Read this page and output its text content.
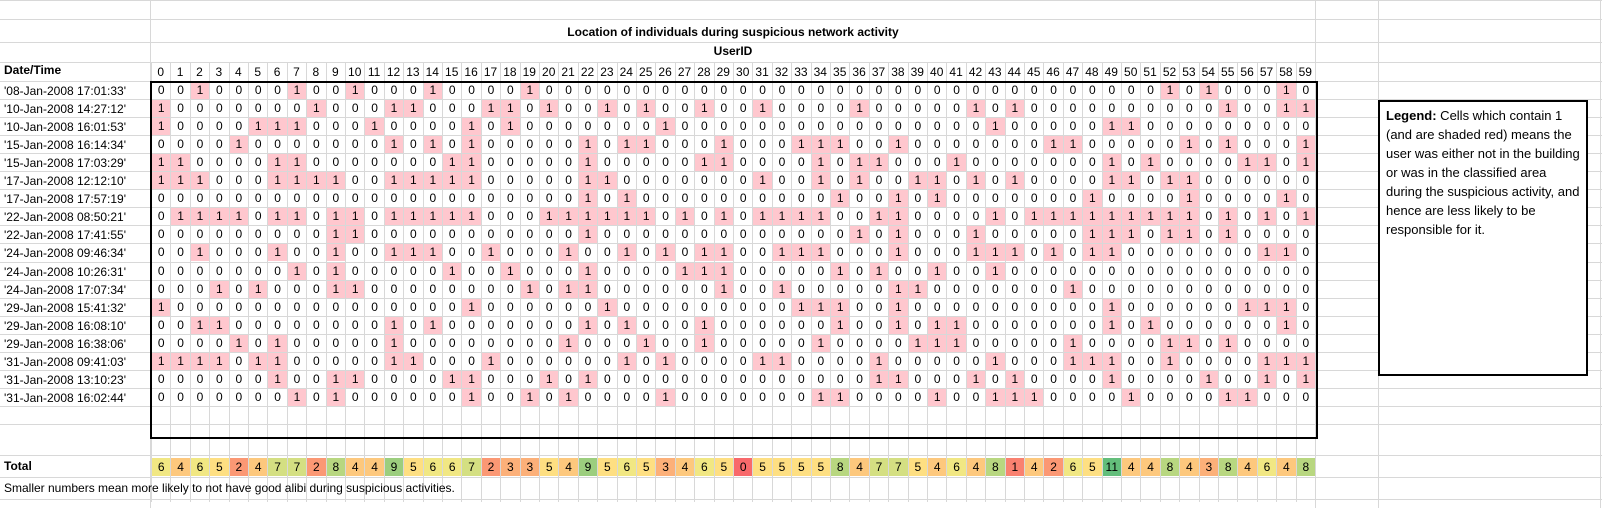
Location of individuals during suspicious network activity
UserID
Date/Time	0	1	2	3	4	5	6	7	8	9 10 11 12 13 14 15 16 17 18 19 20 21 22 23 24 25 26 27 28 29 30 31 32 33 34 35 36 37 38 39 40 41 42 43 44 45 46 47 48 49 50 51 52 53 54 55 56 57 58 59
'08-Jan-2008 17:01:33'	0	0	1	0	0	0	0	1	0	0	1	0	0	0	1	0	0	0	0	1	0	0	0	0	0	0	0	0	0	0	0	0	0	0	0	0	0	0	0	0	0	0	0	0	0	0	0	0	0	0	0	0	1	0	1	0	0	0	1	0
'10-Jan-2008 14:27:12'	1	0	0	0	0	0	0	0	1	0	0	0	1	1	0	0	0	1	1	0	1	0	0	1	0	1	0	0	1	0	0	1	0	0	0	0	1	0	0	0	0	0	1	0	1	0	0	0	0	0	0	0	0	0	0	1	0	0	1	1
'10-Jan-2008 16:01:53'	1	0	0	0	0	1	1	1	0	0	0	1	0	0	0	0	1	0	1	0	0	0	0	0	0	0	1	0	0	0	0	0	0	0	0	0	0	0	0	0	0	0	0	1	0	0	0	0	0	1	1	0	0	0	0	0	0	0	0	0
'15-Jan-2008 16:14:34'	0	0	0	0	1	0	0	0	0	0	0	0	1	0	1	0	1	0	0	0	0	0	1	0	1	1	0	0	0	1	0	0	0	1	1	1	0	0	1	0	0	0	0	0	0	0	1	1	0	0	0	0	0	1	0	1	0	0	0	1
'15-Jan-2008 17:03:29'	1	1	0	0	0	0	1	1	0	0	0	0	0	0	0	1	1	0	0	0	0	0	1	0	0	0	0	0	1	1	0	0	0	0	1	0	1	1	0	0	0	1	0	0	0	0	0	0	0	1	0	1	0	0	0	0	1	1	0	1
'17-Jan-2008 12:12:10'	1	1	1	0	0	0	1	1	1	1	0	0	1	1	1	1	1	0	0	0	0	0	1	1	0	0	0	0	0	0	0	1	0	0	1	0	1	0	0	1	1	0	1	0	1	0	0	0	0	1	1	0	1	1	0	0	0	0	0	0
'17-Jan-2008 17:57:19'	0	0	0	0	0	0	0	0	0	0	0	0	0	0	0	0	0	0	0	0	0	0	1	0	1	0	0	0	0	0	0	0	0	0	0	1	0	0	1	0	1	0	0	0	0	0	0	0	1	0	0	0	0	1	0	0	0	0	1	0
'22-Jan-2008 08:50:21'	0	1	1	1	1	0	1	1	0	1	1	0	1	1	1	1	1	0	0	0	1	1	1	1	1	1	0	1	0	1	0	1	1	1	1	0	0	1	1	0	0	0	0	1	0	1	1	1	1	1	1	1	1	1	0	1	0	1	0	1
'22-Jan-2008 17:41:55'	0	0	0	0	0	0	0	0	0	1	1	0	0	0	0	0	0	0	0	0	0	0	1	0	0	0	0	0	0	0	0	0	0	0	0	0	1	0	1	0	0	0	1	0	0	0	0	0	1	1	1	0	1	1	0	1	0	0	0	0
'24-Jan-2008 09:46:34'	0	0	1	0	0	0	1	0	0	1	0	0	1	1	1	0	0	1	0	0	0	1	0	0	1	0	1	0	1	1	0	0	1	1	1	0	0	0	1	0	0	0	1	1	1	0	1	0	1	1	0	0	0	0	0	0	0	1	1	0
'24-Jan-2008 10:26:31'	0	0	0	0	0	0	0	1	0	1	0	0	0	0	0	1	0	0	1	0	0	0	1	0	0	0	0	1	1	1	0	0	0	0	0	1	0	1	0	0	1	0	0	1	0	0	0	0	0	0	0	0	0	0	0	0	0	0	0	0
'24-Jan-2008 17:07:34'	0	0	0	1	0	1	0	0	0	1	1	0	0	0	0	0	0	0	0	1	0	1	1	0	0	0	0	0	0	1	0	0	1	0	0	0	0	0	1	1	0	0	0	0	0	0	0	1	0	0	0	0	0	0	0	0	0	0	0	0
'29-Jan-2008 15:41:32'	1	0	0	0	0	0	0	0	0	0	0	0	0	0	0	0	1	0	0	0	0	0	0	1	0	0	0	0	0	0	0	0	0	1	1	1	0	0	1	0	0	0	0	0	0	0	0	0	0	1	0	0	0	0	0	0	1	1	1	0
'29-Jan-2008 16:08:10'	0	0	1	1	0	0	0	0	0	0	0	0	1	0	1	0	0	0	0	0	0	0	1	0	1	0	0	0	1	0	0	0	0	0	0	1	0	0	1	0	1	1	0	0	0	0	0	0	0	1	0	1	0	0	0	0	0	0	1	0
'29-Jan-2008 16:38:06'	0	0	0	0	1	0	1	0	0	0	0	0	1	0	0	0	0	0	0	0	0	1	0	0	0	1	0	0	1	0	0	0	0	0	1	0	0	0	0	1	1	1	0	0	0	0	0	1	0	0	0	0	1	1	0	1	0	0	0	0
'31-Jan-2008 09:41:03'	1	1	1	1	0	1	1	0	0	0	0	0	1	1	0	0	0	1	0	0	0	0	0	0	1	0	1	0	0	0	0	1	1	0	0	0	0	1	0	0	0	0	0	1	0	0	0	1	1	1	0	0	1	0	0	0	0	1	1	1
'31-Jan-2008 13:10:23'	0	0	0	0	0	0	1	0	0	1	1	0	0	0	0	1	1	0	0	0	1	0	1	0	0	0	0	0	0	0	0	0	0	0	0	0	0	1	1	0	0	0	1	0	1	0	0	0	0	1	0	0	0	0	1	0	0	1	0	1
'31-Jan-2008 16:02:44'	0	0	0	0	0	0	0	1	0	1	0	0	0	0	0	0	1	0	0	1	0	1	0	0	0	0	1	0	0	0	0	0	0	0	1	1	0	0	0	0	1	0	0	1	1	1	0	0	0	0	1	0	0	0	0	1	1	0	0	0
Total	6	4	6	5	2	4	7	7	2	8	4	4	9	5	6	6	7	2	3	3	5	4	9	5	6	5	3	4	6	5	0	5	5	5	5	8	4	7	7	5	4	6	4	8	1	4	2	6	5 11 4	4	8	4	3	8	4	6	4	8
Smaller numbers mean more likely to not have good alibi during suspicious activities.
Legend: Cells which contain 1 (and are shaded red) means the user was either not in the building or was in the classified area during the suspicious activity, and hence are less likely to be responsible for it.
